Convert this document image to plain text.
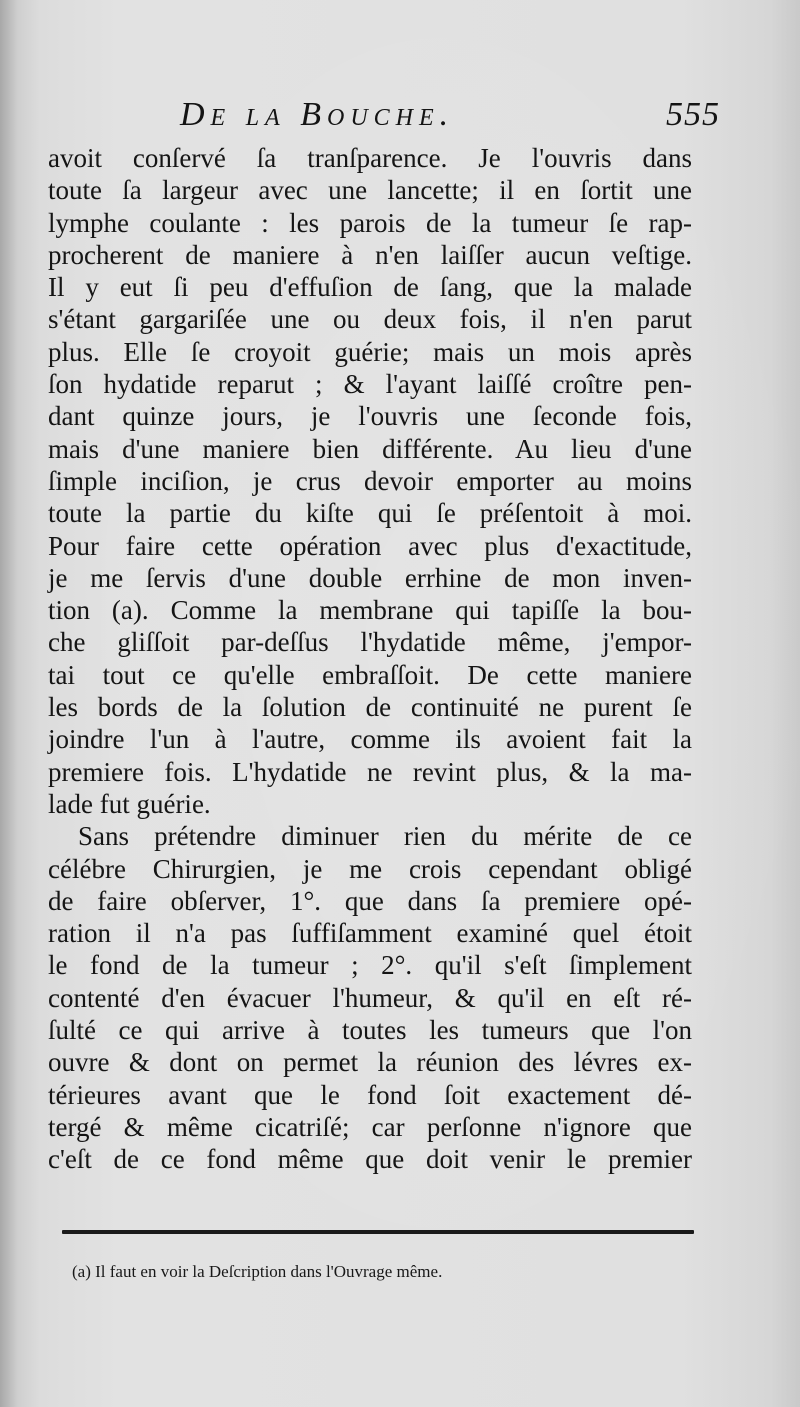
De la Bouche.	555
avoit conſervé ſa tranſparence. Je l'ouvris dans
toute ſa largeur avec une lancette; il en ſortit une
lymphe coulante : les parois de la tumeur ſe rap-
procherent de maniere à n'en laiſſer aucun veſtige.
Il y eut ſi peu d'effuſion de ſang, que la malade
s'étant gargariſée une ou deux fois, il n'en parut
plus. Elle ſe croyoit guérie; mais un mois après
ſon hydatide reparut ; & l'ayant laiſſé croître pen-
dant quinze jours, je l'ouvris une ſeconde fois,
mais d'une maniere bien différente. Au lieu d'une
ſimple inciſion, je crus devoir emporter au moins
toute la partie du kiſte qui ſe préſentoit à moi.
Pour faire cette opération avec plus d'exactitude,
je me ſervis d'une double errhine de mon inven-
tion (a). Comme la membrane qui tapiſſe la bou-
che gliſſoit par-deſſus l'hydatide même, j'empor-
tai tout ce qu'elle embraſſoit. De cette maniere
les bords de la ſolution de continuité ne purent ſe
joindre l'un à l'autre, comme ils avoient fait la
premiere fois. L'hydatide ne revint plus, & la ma-
lade fut guérie.
Sans prétendre diminuer rien du mérite de ce
célébre Chirurgien, je me crois cependant obligé
de faire obſerver, 1°. que dans ſa premiere opé-
ration il n'a pas ſuffiſamment examiné quel étoit
le fond de la tumeur ; 2°. qu'il s'eſt ſimplement
contenté d'en évacuer l'humeur, & qu'il en eſt ré-
ſulté ce qui arrive à toutes les tumeurs que l'on
ouvre & dont on permet la réunion des lévres ex-
térieures avant que le fond ſoit exactement dé-
tergé & même cicatriſé; car perſonne n'ignore que
c'eſt de ce fond même que doit venir le premier
(a) Il faut en voir la Deſcription dans l'Ouvrage même.
